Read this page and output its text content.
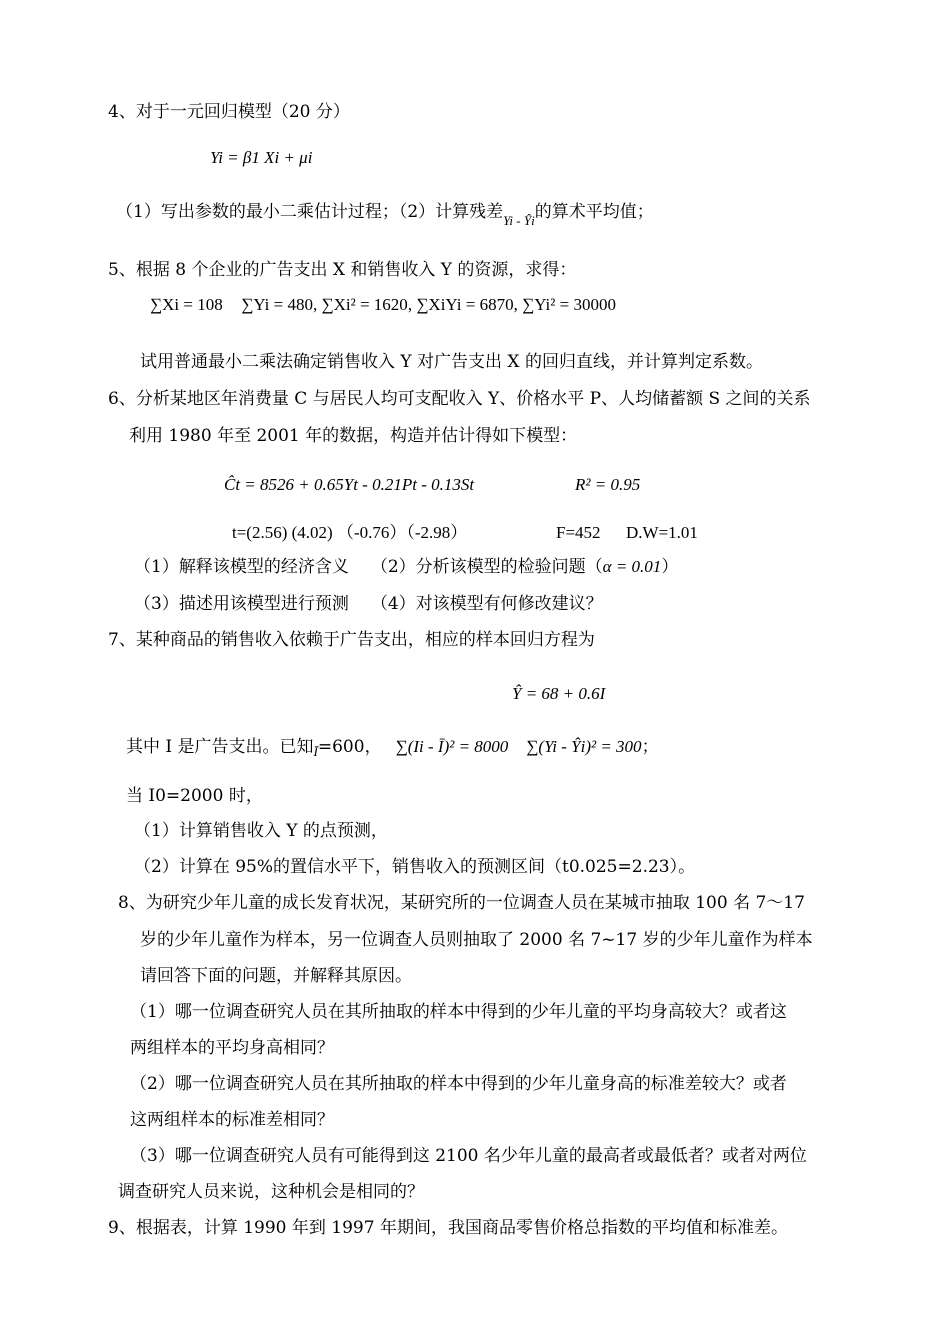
4、对于一元回归模型（20 分）
Yi = β1 Xi + μi
（1）写出参数的最小二乘估计过程；（2）计算残差$_{Yi - Ŷi}$的算术平均值；
5、根据 8 个企业的广告支出 X 和销售收入 Y 的资源，求得：
∑Xi = 108 ∑Yi = 480, ∑Xi² = 1620, ∑XiYi = 6870, ∑Yi² = 30000
试用普通最小二乘法确定销售收入 Y 对广告支出 X 的回归直线，并计算判定系数。
6、分析某地区年消费量 C 与居民人均可支配收入 Y、价格水平 P、人均储蓄额 S 之间的关系
利用 1980 年至 2001 年的数据，构造并估计得如下模型：
Ĉt = 8526 + 0.65Yt - 0.21Pt - 0.13St	R² = 0.95
t=(2.56) (4.02) （-0.76）（-2.98）	F=452 D.W=1.01
（1）解释该模型的经济含义 （2）分析该模型的检验问题（α = 0.01）
（3）描述用该模型进行预测 （4）对该模型有何修改建议？
7、某种商品的销售收入依赖于广告支出，相应的样本回归方程为
Ŷ = 68 + 0.6I
其中 I 是广告支出。已知$_Ī$=600， ∑(Ii - Ī)² = 8000 ∑(Yi - Ŷi)² = 300；
当 I0=2000 时，
（1）计算销售收入 Y 的点预测，
（2）计算在 95%的置信水平下，销售收入的预测区间（t0.025=2.23）。
8、为研究少年儿童的成长发育状况，某研究所的一位调查人员在某城市抽取 100 名 7～17
岁的少年儿童作为样本，另一位调查人员则抽取了 2000 名 7~17 岁的少年儿童作为样本
请回答下面的问题，并解释其原因。
（1）哪一位调查研究人员在其所抽取的样本中得到的少年儿童的平均身高较大？或者这
两组样本的平均身高相同？
（2）哪一位调查研究人员在其所抽取的样本中得到的少年儿童身高的标准差较大？或者
这两组样本的标准差相同？
（3）哪一位调查研究人员有可能得到这 2100 名少年儿童的最高者或最低者？或者对两位
调查研究人员来说，这种机会是相同的？
9、根据表，计算 1990 年到 1997 年期间，我国商品零售价格总指数的平均值和标准差。
